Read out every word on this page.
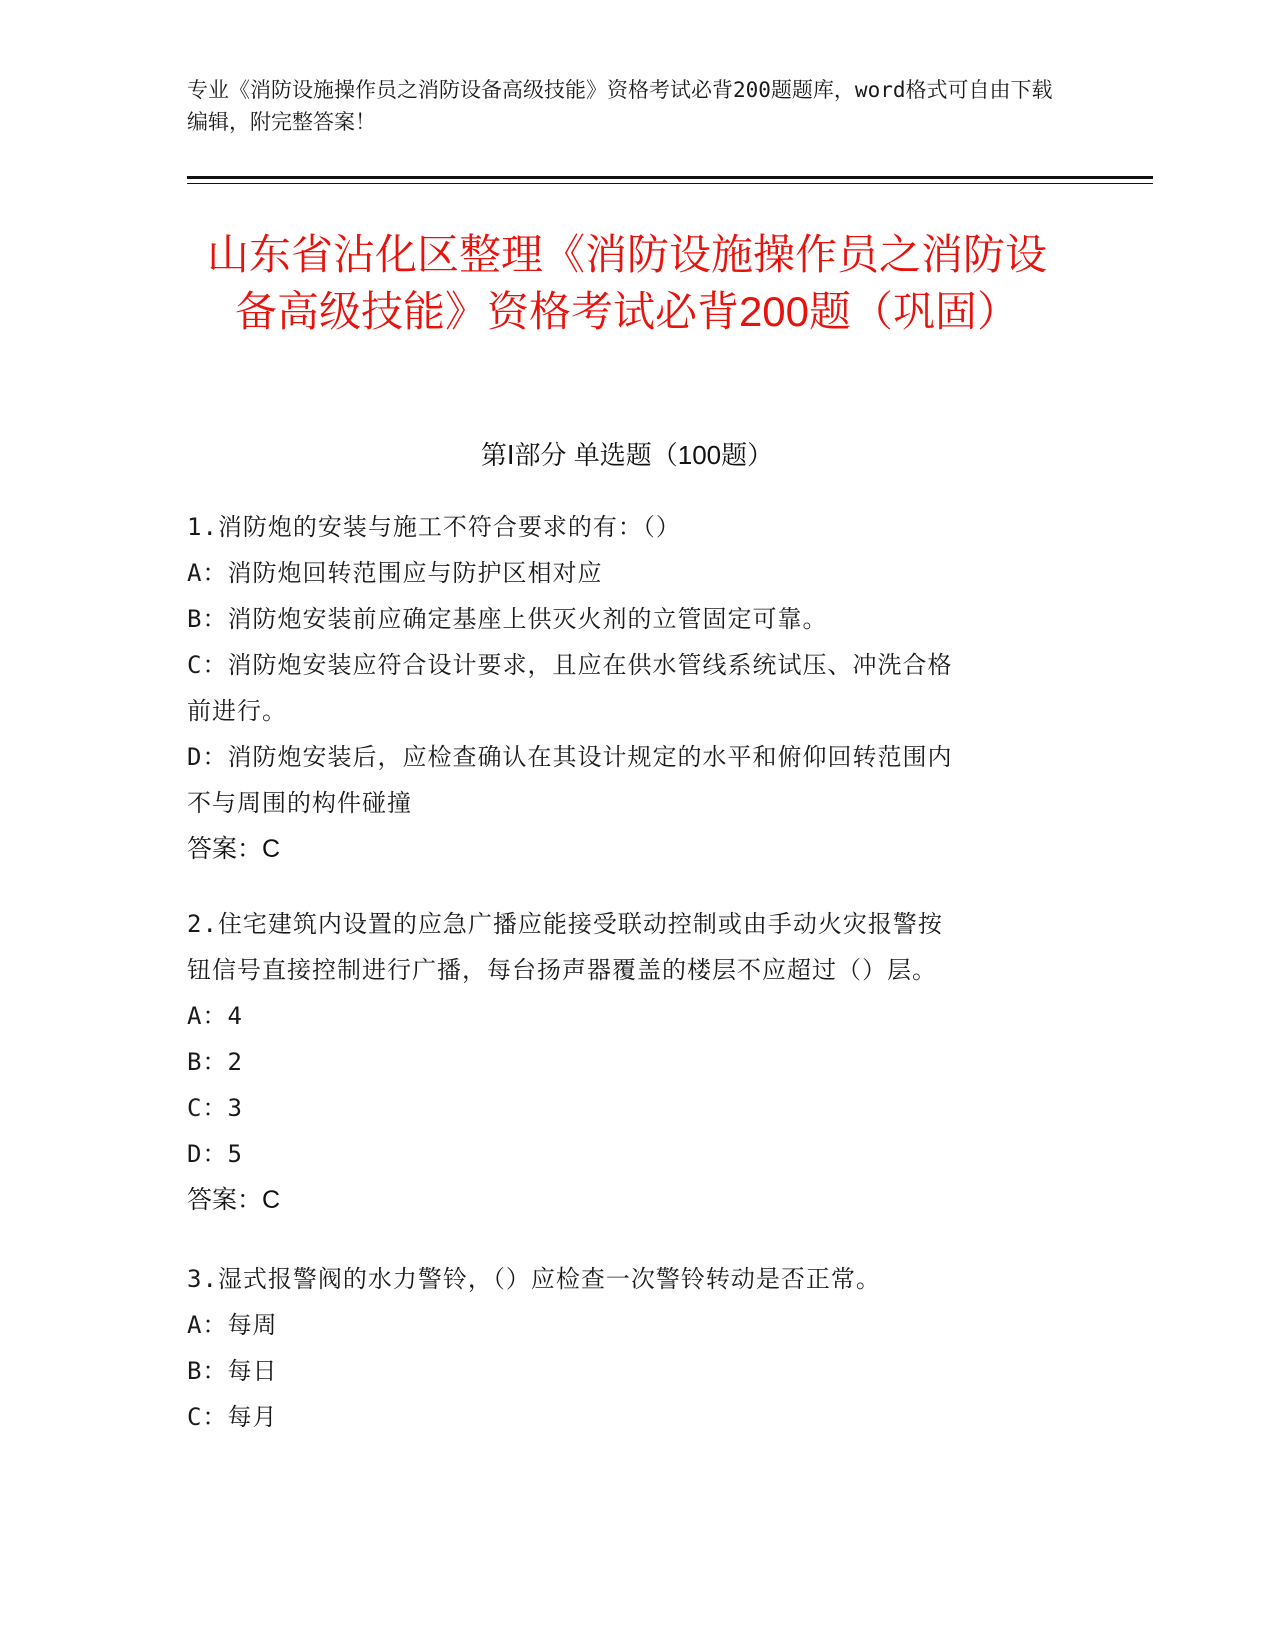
专业《消防设施操作员之消防设备高级技能》资格考试必背200题题库，word格式可自由下载编辑，附完整答案！
山东省沾化区整理《消防设施操作员之消防设备高级技能》资格考试必背200题（巩固）
第Ⅰ部分 单选题（100题）
1.消防炮的安装与施工不符合要求的有：（）
A：消防炮回转范围应与防护区相对应
B：消防炮安装前应确定基座上供灭火剂的立管固定可靠。
C：消防炮安装应符合设计要求，且应在供水管线系统试压、冲洗合格
前进行。
D：消防炮安装后，应检查确认在其设计规定的水平和俯仰回转范围内
不与周围的构件碰撞
答案：C
2.住宅建筑内设置的应急广播应能接受联动控制或由手动火灾报警按
钮信号直接控制进行广播，每台扬声器覆盖的楼层不应超过（）层。
A：4
B：2
C：3
D：5
答案：C
3.湿式报警阀的水力警铃，（）应检查一次警铃转动是否正常。
A：每周
B：每日
C：每月
